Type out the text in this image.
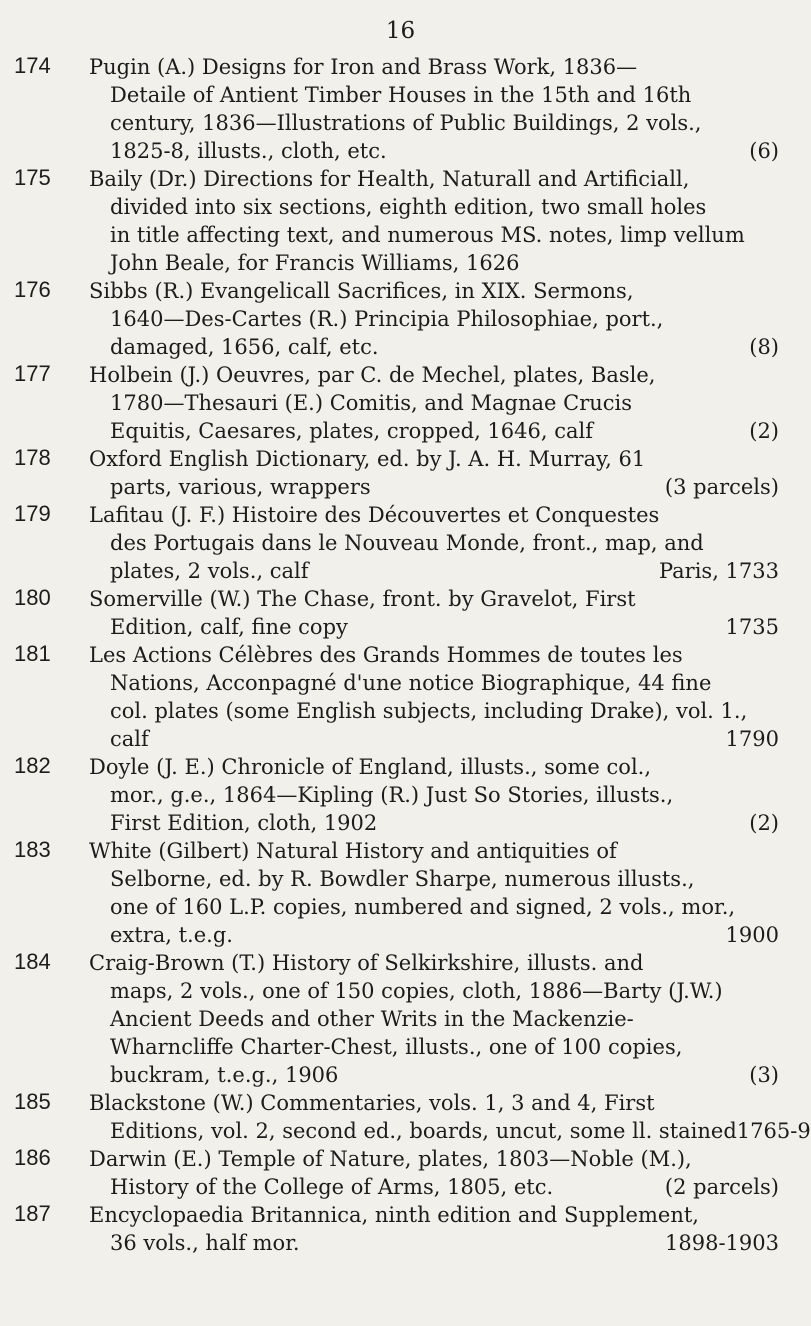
16
174	Pugin (A.) Designs for Iron and Brass Work, 1836—
Detaile of Antient Timber Houses in the 15th and 16th
century, 1836—Illustrations of Public Buildings, 2 vols.,
1825-8, illusts., cloth, etc.	(6)
175	Baily (Dr.) Directions for Health, Naturall and Artificiall,
divided into six sections, eighth edition, two small holes
in title affecting text, and numerous MS. notes, limp vellum
John Beale, for Francis Williams, 1626
176	Sibbs (R.) Evangelicall Sacrifices, in XIX. Sermons,
1640—Des-Cartes (R.) Principia Philosophiae, port.,
damaged, 1656, calf, etc.	(8)
177	Holbein (J.) Oeuvres, par C. de Mechel, plates, Basle,
1780—Thesauri (E.) Comitis, and Magnae Crucis
Equitis, Caesares, plates, cropped, 1646, calf	(2)
178	Oxford English Dictionary, ed. by J. A. H. Murray, 61
parts, various, wrappers	(3 parcels)
179	Lafitau (J. F.) Histoire des Découvertes et Conquestes
des Portugais dans le Nouveau Monde, front., map, and
plates, 2 vols., calf	Paris, 1733
180	Somerville (W.) The Chase, front. by Gravelot, First
Edition, calf, fine copy	1735
181	Les Actions Célèbres des Grands Hommes de toutes les
Nations, Acconpagné d'une notice Biographique, 44 fine
col. plates (some English subjects, including Drake), vol. 1.,
calf	1790
182	Doyle (J. E.) Chronicle of England, illusts., some col.,
mor., g.e., 1864—Kipling (R.) Just So Stories, illusts.,
First Edition, cloth, 1902	(2)
183	White (Gilbert) Natural History and antiquities of
Selborne, ed. by R. Bowdler Sharpe, numerous illusts.,
one of 160 L.P. copies, numbered and signed, 2 vols., mor.,
extra, t.e.g.	1900
184	Craig-Brown (T.) History of Selkirkshire, illusts. and
maps, 2 vols., one of 150 copies, cloth, 1886—Barty (J.W.)
Ancient Deeds and other Writs in the Mackenzie-
Wharncliffe Charter-Chest, illusts., one of 100 copies,
buckram, t.e.g., 1906	(3)
185	Blackstone (W.) Commentaries, vols. 1, 3 and 4, First
Editions, vol. 2, second ed., boards, uncut, some ll. stained 1765-9
186	Darwin (E.) Temple of Nature, plates, 1803—Noble (M.),
History of the College of Arms, 1805, etc.	(2 parcels)
187	Encyclopaedia Britannica, ninth edition and Supplement,
36 vols., half mor.	1898-1903
